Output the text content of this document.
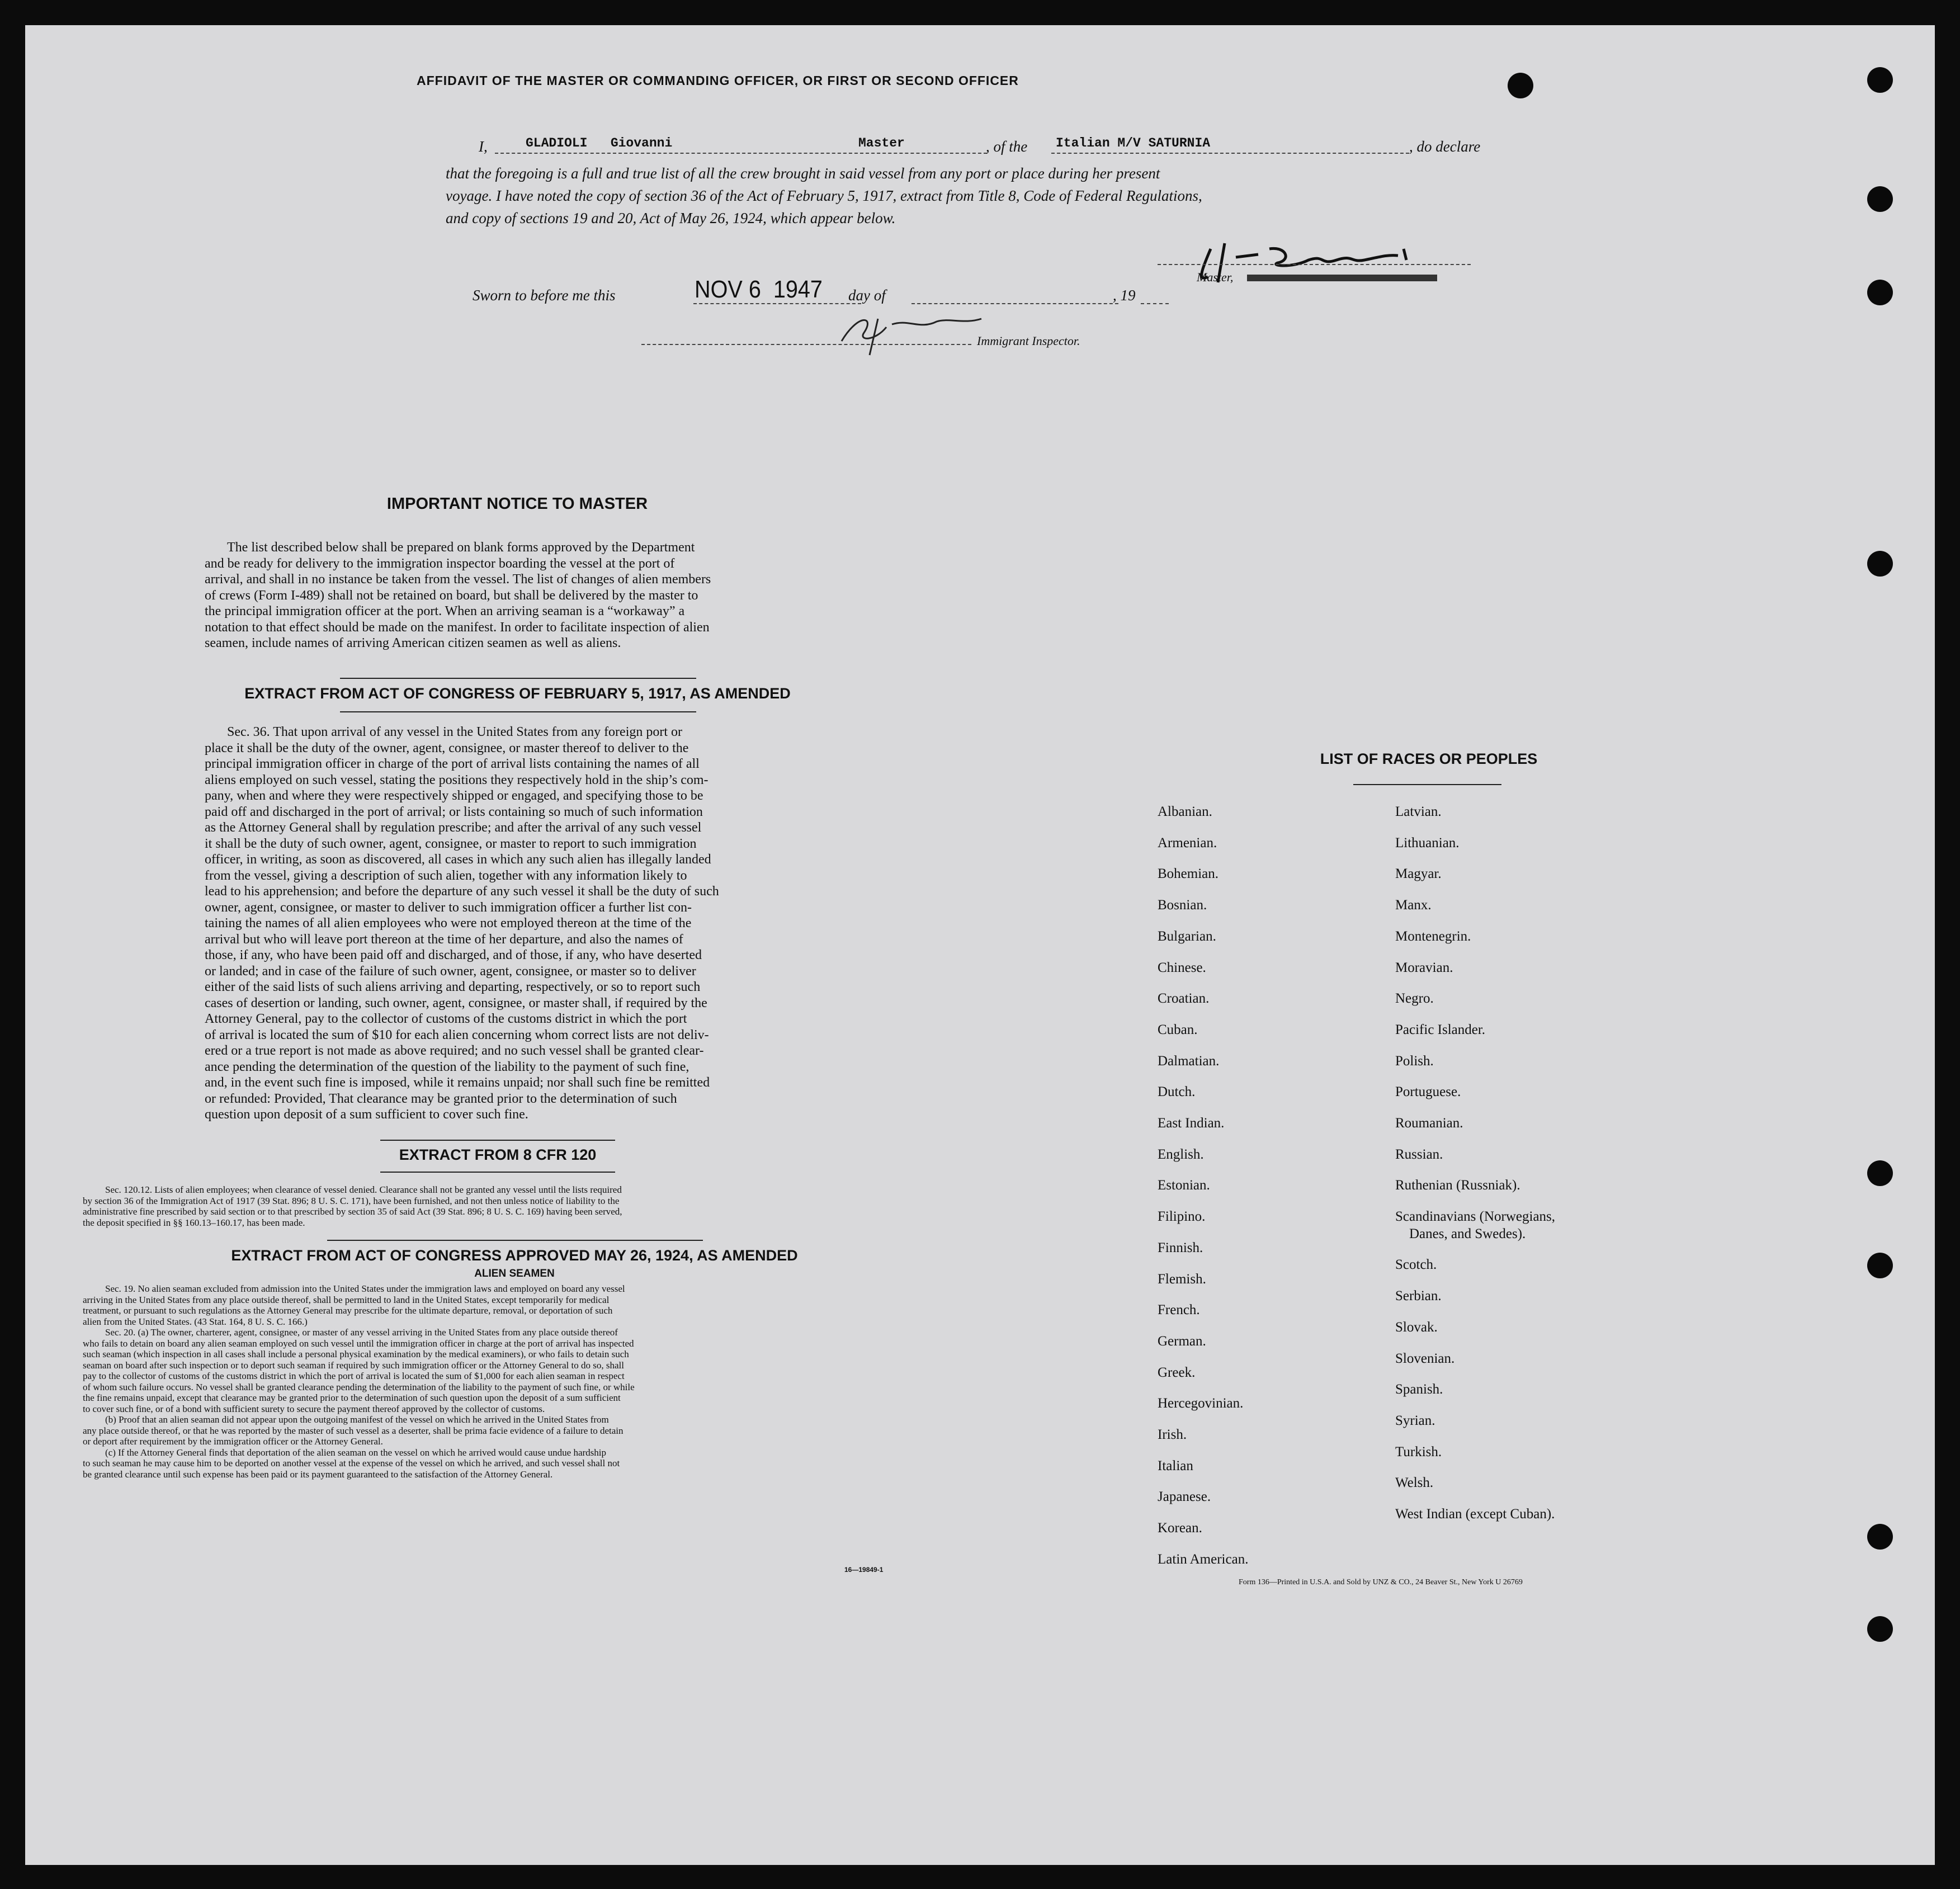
AFFIDAVIT OF THE MASTER OR COMMANDING OFFICER, OR FIRST OR SECOND OFFICER
I,	GLADIOLI   Giovanni	Master	, of the Italian M/V SATURNIA	, do declare
that the foregoing is a full and true list of all the crew brought in said vessel from any port or place during her present
voyage. I have noted the copy of section 36 of the Act of February 5, 1917, extract from Title 8, Code of Federal Regulations,
and copy of sections 19 and 20, Act of May 26, 1924, which appear below.
Master,
Sworn to before me this	NOV 6  1947 day of	, 19
Immigrant Inspector.
IMPORTANT NOTICE TO MASTER
The list described below shall be prepared on blank forms approved by the Department
and be ready for delivery to the immigration inspector boarding the vessel at the port of
arrival, and shall in no instance be taken from the vessel. The list of changes of alien members
of crews (Form I-489) shall not be retained on board, but shall be delivered by the master to
the principal immigration officer at the port. When an arriving seaman is a “workaway” a
notation to that effect should be made on the manifest. In order to facilitate inspection of alien
seamen, include names of arriving American citizen seamen as well as aliens.
EXTRACT FROM ACT OF CONGRESS OF FEBRUARY 5, 1917, AS AMENDED
Sec. 36. That upon arrival of any vessel in the United States from any foreign port or
place it shall be the duty of the owner, agent, consignee, or master thereof to deliver to the
principal immigration officer in charge of the port of arrival lists containing the names of all
aliens employed on such vessel, stating the positions they respectively hold in the ship’s com-
pany, when and where they were respectively shipped or engaged, and specifying those to be
paid off and discharged in the port of arrival; or lists containing so much of such information
as the Attorney General shall by regulation prescribe; and after the arrival of any such vessel
it shall be the duty of such owner, agent, consignee, or master to report to such immigration
officer, in writing, as soon as discovered, all cases in which any such alien has illegally landed
from the vessel, giving a description of such alien, together with any information likely to
lead to his apprehension; and before the departure of any such vessel it shall be the duty of such
owner, agent, consignee, or master to deliver to such immigration officer a further list con-
taining the names of all alien employees who were not employed thereon at the time of the
arrival but who will leave port thereon at the time of her departure, and also the names of
those, if any, who have been paid off and discharged, and of those, if any, who have deserted
or landed; and in case of the failure of such owner, agent, consignee, or master so to deliver
either of the said lists of such aliens arriving and departing, respectively, or so to report such
cases of desertion or landing, such owner, agent, consignee, or master shall, if required by the
Attorney General, pay to the collector of customs of the customs district in which the port
of arrival is located the sum of $10 for each alien concerning whom correct lists are not deliv-
ered or a true report is not made as above required; and no such vessel shall be granted clear-
ance pending the determination of the question of the liability to the payment of such fine,
and, in the event such fine is imposed, while it remains unpaid; nor shall such fine be remitted
or refunded: Provided, That clearance may be granted prior to the determination of such
question upon deposit of a sum sufficient to cover such fine.
EXTRACT FROM 8 CFR 120
Sec. 120.12. Lists of alien employees; when clearance of vessel denied. Clearance shall not be granted any vessel until the lists required
by section 36 of the Immigration Act of 1917 (39 Stat. 896; 8 U. S. C. 171), have been furnished, and not then unless notice of liability to the
administrative fine prescribed by said section or to that prescribed by section 35 of said Act (39 Stat. 896; 8 U. S. C. 169) having been served,
the deposit specified in §§ 160.13–160.17, has been made.
EXTRACT FROM ACT OF CONGRESS APPROVED MAY 26, 1924, AS AMENDED
ALIEN SEAMEN
Sec. 19. No alien seaman excluded from admission into the United States under the immigration laws and employed on board any vessel
arriving in the United States from any place outside thereof, shall be permitted to land in the United States, except temporarily for medical
treatment, or pursuant to such regulations as the Attorney General may prescribe for the ultimate departure, removal, or deportation of such
alien from the United States. (43 Stat. 164, 8 U. S. C. 166.)
Sec. 20. (a) The owner, charterer, agent, consignee, or master of any vessel arriving in the United States from any place outside thereof
who fails to detain on board any alien seaman employed on such vessel until the immigration officer in charge at the port of arrival has inspected
such seaman (which inspection in all cases shall include a personal physical examination by the medical examiners), or who fails to detain such
seaman on board after such inspection or to deport such seaman if required by such immigration officer or the Attorney General to do so, shall
pay to the collector of customs of the customs district in which the port of arrival is located the sum of $1,000 for each alien seaman in respect
of whom such failure occurs. No vessel shall be granted clearance pending the determination of the liability to the payment of such fine, or while
the fine remains unpaid, except that clearance may be granted prior to the determination of such question upon the deposit of a sum sufficient
to cover such fine, or of a bond with sufficient surety to secure the payment thereof approved by the collector of customs.
(b) Proof that an alien seaman did not appear upon the outgoing manifest of the vessel on which he arrived in the United States from
any place outside thereof, or that he was reported by the master of such vessel as a deserter, shall be prima facie evidence of a failure to detain
or deport after requirement by the immigration officer or the Attorney General.
(c) If the Attorney General finds that deportation of the alien seaman on the vessel on which he arrived would cause undue hardship
to such seaman he may cause him to be deported on another vessel at the expense of the vessel on which he arrived, and such vessel shall not
be granted clearance until such expense has been paid or its payment guaranteed to the satisfaction of the Attorney General.
16—19849-1
LIST OF RACES OR PEOPLES
Albanian.
Armenian.
Bohemian.
Bosnian.
Bulgarian.
Chinese.
Croatian.
Cuban.
Dalmatian.
Dutch.
East Indian.
English.
Estonian.
Filipino.
Finnish.
Flemish.
French.
German.
Greek.
Hercegovinian.
Irish.
Italian
Japanese.
Korean.
Latin American.
Latvian.
Lithuanian.
Magyar.
Manx.
Montenegrin.
Moravian.
Negro.
Pacific Islander.
Polish.
Portuguese.
Roumanian.
Russian.
Ruthenian (Russniak).
Scandinavians (Norwegians,
Danes, and Swedes).
Scotch.
Serbian.
Slovak.
Slovenian.
Spanish.
Syrian.
Turkish.
Welsh.
West Indian (except Cuban).
Form 136—Printed in U.S.A. and Sold by UNZ & CO., 24 Beaver St., New York U 26769
